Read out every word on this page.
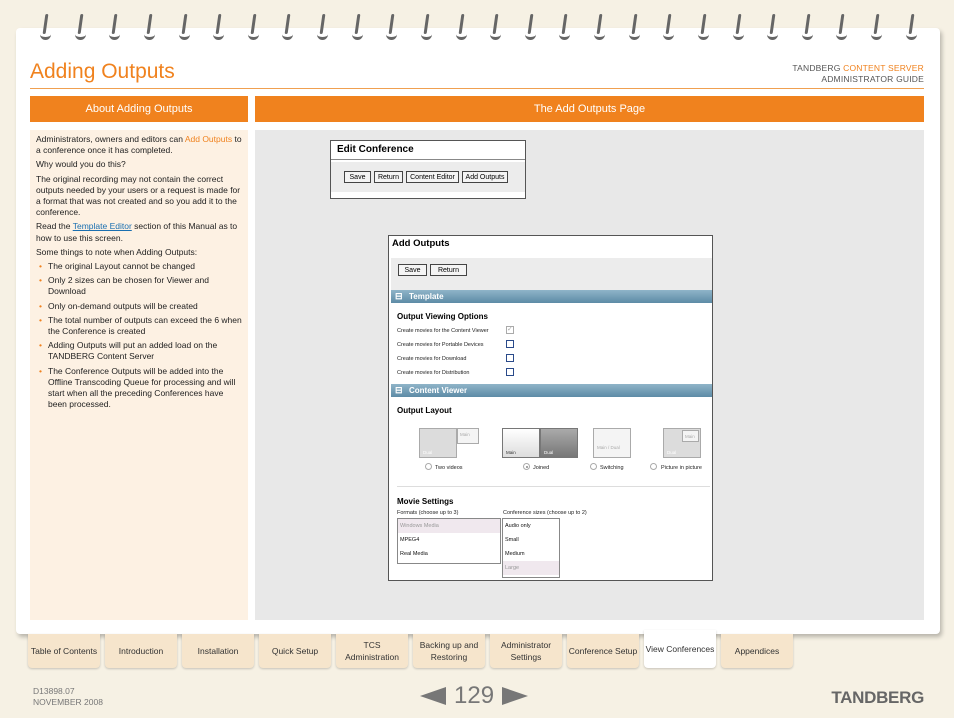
Adding Outputs	TANDBERG CONTENT SERVER
ADMINISTRATOR GUIDE
About Adding Outputs	The Add Outputs Page

Administrators, owners and editors can Add Outputs to a conference once it has completed.

Why would you do this?

The original recording may not contain the correct outputs needed by your users or a request is made for a format that was not created and so you add it to the conference.

Read the Template Editor section of this Manual as to how to use this screen.

Some things to note when Adding Outputs:

• The original Layout cannot be changed
• Only 2 sizes can be chosen for Viewer and Download
• Only on-demand outputs will be created
• The total number of outputs can exceed the 6 when the Conference is created
• Adding Outputs will put an added load on the TANDBERG Content Server
• The Conference Outputs will be added into the Offline Transcoding Queue for processing and will start when all the preceding Conferences have been processed.
Edit Conference
Save	Return	Content Editor	Add Outputs
Add Outputs
Save	Return
⊟ Template
Output Viewing Options
Create movies for the Content Viewer
✓
Create movies for Portable Devices
Create movies for Download
Create movies for Distribution
⊟ Content Viewer
Output Layout
Dual
Main
Two videos
Main	Dual
Joined
Main / Dual
Switching
Dual
Main
Picture in picture
Movie Settings
Formats (choose up to 3)	Conference sizes (choose up to 2)
Windows Media
MPEG4
Real Media
Audio only
Small
Medium
Large
Table of Contents	Introduction	Installation	Quick Setup
TCS Administration
Backing up and Restoring
Administrator Settings
Conference Setup View Conferences	Appendices
D13898.07
NOVEMBER 2008	129	TANDBERG
